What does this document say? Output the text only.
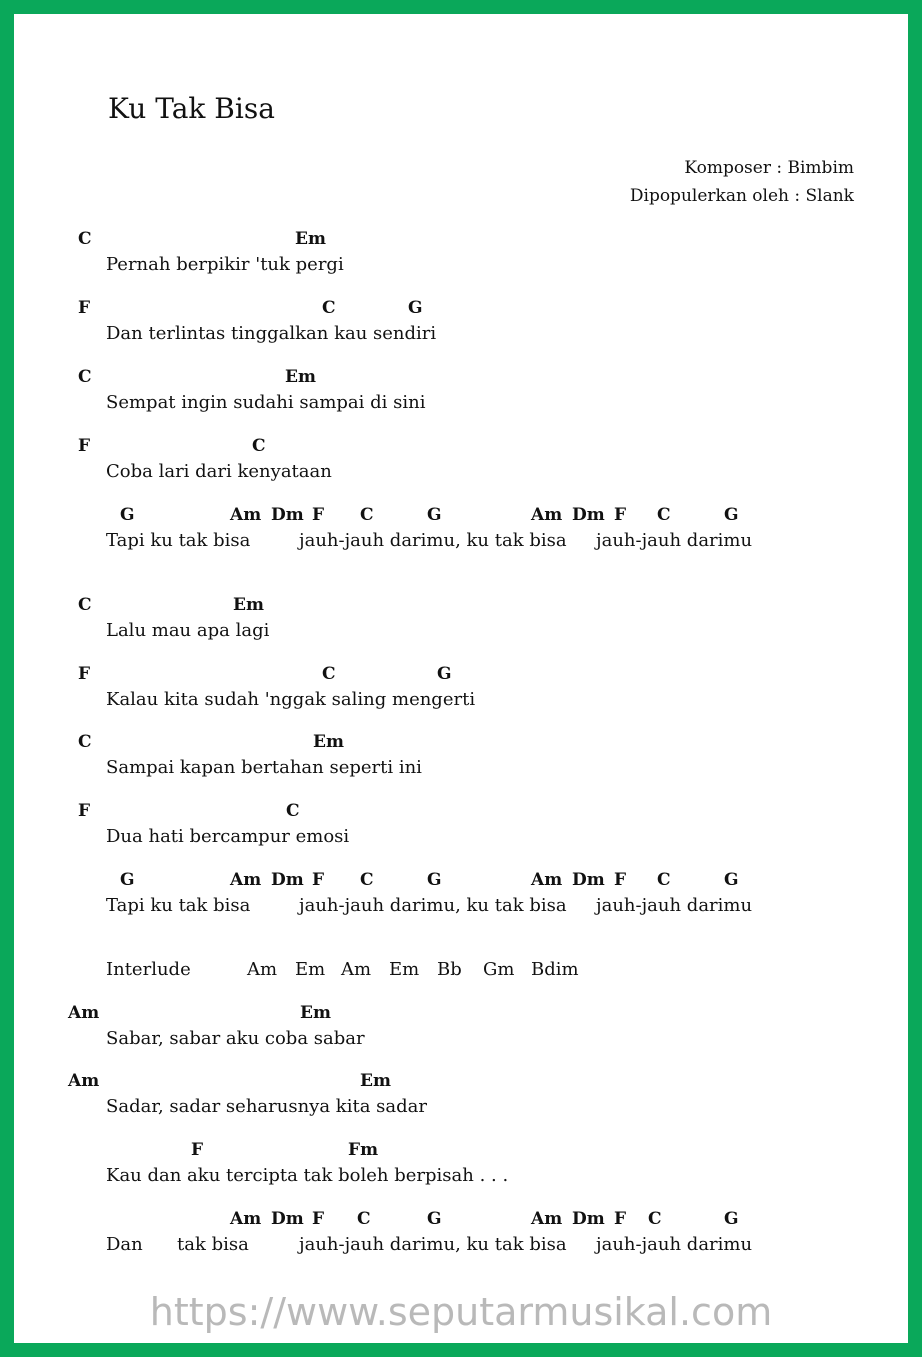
Ku Tak Bisa
Komposer : Bimbim
Dipopulerkan oleh : Slank
C	Em
Pernah berpikir 'tuk pergi
F	C	G
Dan terlintas tinggalkan kau sendiri
C	Em
Sempat ingin sudahi sampai di sini
F	C
Coba lari dari kenyataan
G	Am Dm F C	G	Am Dm F C	G
Tapi ku tak bisa	jauh-jauh darimu, ku tak bisa jauh-jauh darimu
C	Em
Lalu mau apa lagi
F	C	G
Kalau kita sudah 'nggak saling mengerti
C	Em
Sampai kapan bertahan seperti ini
F	C
Dua hati bercampur emosi
G	Am Dm F C	G	Am Dm F C	G
Tapi ku tak bisa	jauh-jauh darimu, ku tak bisa jauh-jauh darimu
Interlude	Am Em Am Em Bb Gm Bdim
Am	Em
Sabar, sabar aku coba sabar
Am	Em
Sadar, sadar seharusnya kita sadar
F	Fm
Kau dan aku tercipta tak boleh berpisah . . .
Am Dm F C	G	Am Dm F C	G
Dan tak bisa	jauh-jauh darimu, ku tak bisa jauh-jauh darimu
https://www.seputarmusikal.com
